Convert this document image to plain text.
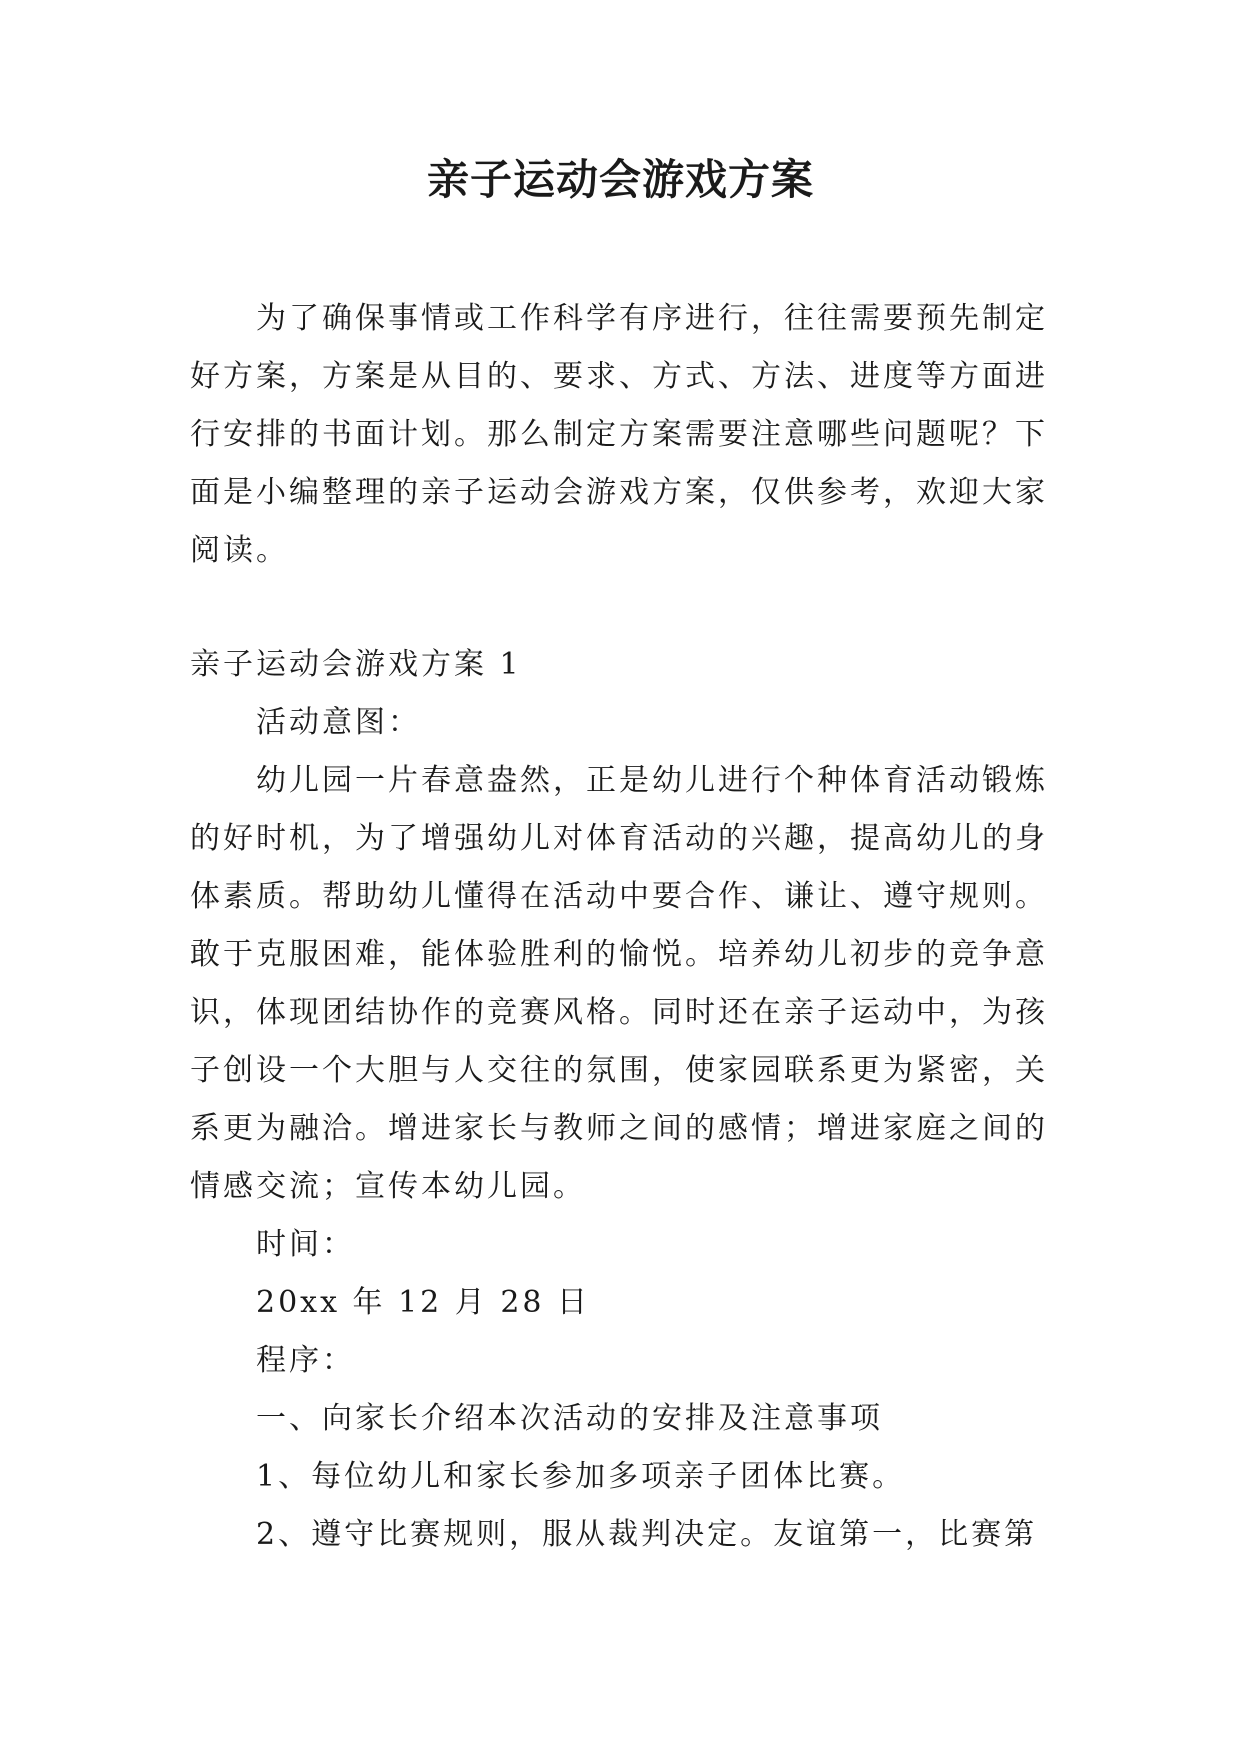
亲子运动会游戏方案
为了确保事情或工作科学有序进行，往往需要预先制定好方案，方案是从目的、要求、方式、方法、进度等方面进行安排的书面计划。那么制定方案需要注意哪些问题呢？下面是小编整理的亲子运动会游戏方案，仅供参考，欢迎大家阅读。

亲子运动会游戏方案 1

活动意图：

幼儿园一片春意盎然，正是幼儿进行个种体育活动锻炼的好时机，为了增强幼儿对体育活动的兴趣，提高幼儿的身体素质。帮助幼儿懂得在活动中要合作、谦让、遵守规则。敢于克服困难，能体验胜利的愉悦。培养幼儿初步的竞争意识，体现团结协作的竞赛风格。同时还在亲子运动中，为孩子创设一个大胆与人交往的氛围，使家园联系更为紧密，关系更为融洽。增进家长与教师之间的感情；增进家庭之间的情感交流；宣传本幼儿园。

时间：

20xx 年 12 月 28 日

程序：

一、向家长介绍本次活动的安排及注意事项

1、每位幼儿和家长参加多项亲子团体比赛。

2、遵守比赛规则，服从裁判决定。友谊第一，比赛第
